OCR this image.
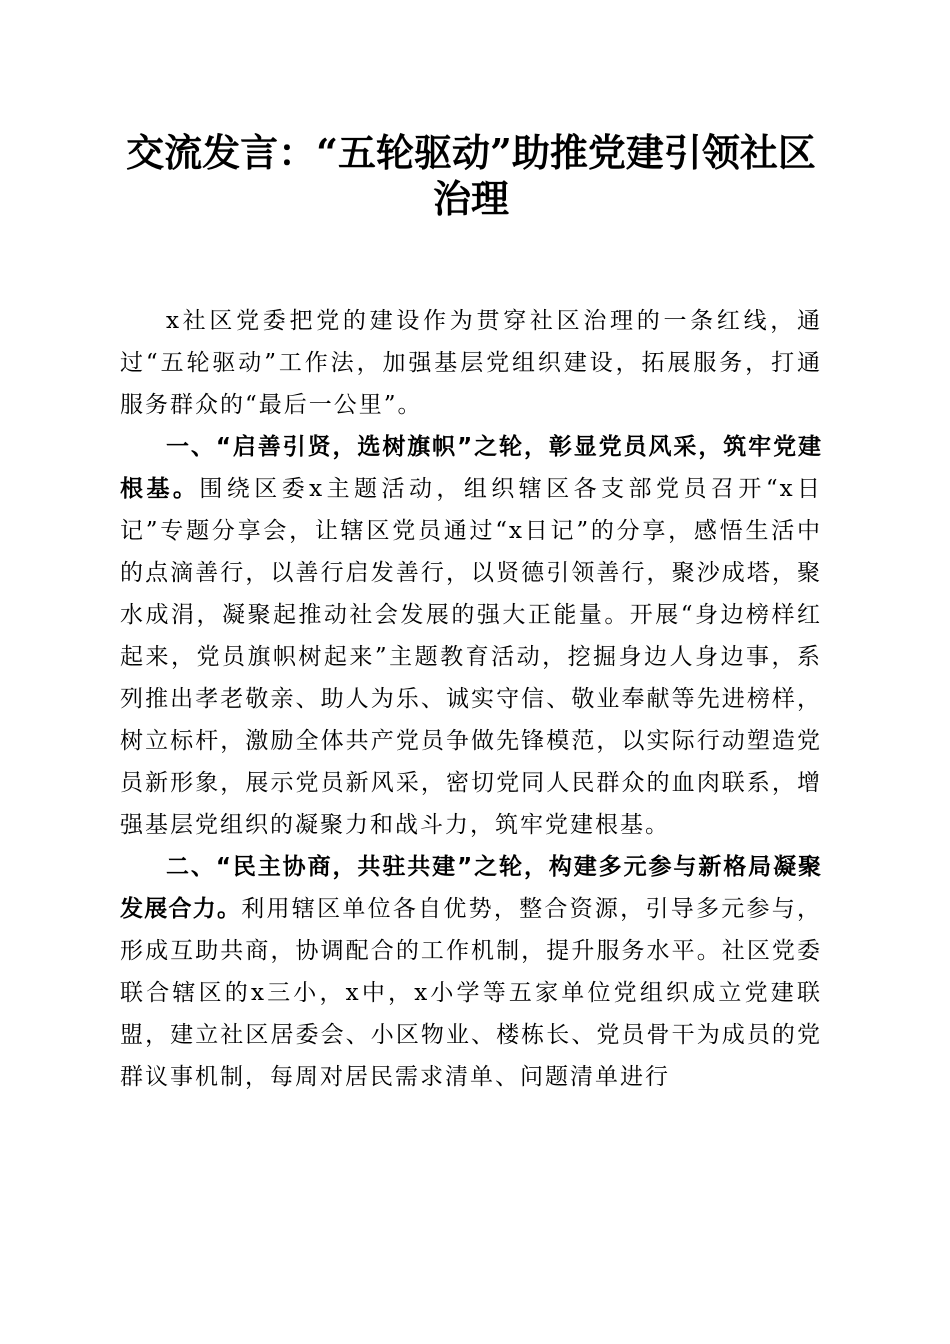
交流发言：“五轮驱动”助推党建引领社区治理

x社区党委把党的建设作为贯穿社区治理的一条红线，通过“五轮驱动”工作法，加强基层党组织建设，拓展服务，打通服务群众的“最后一公里”。

一、“启善引贤，选树旗帜”之轮，彰显党员风采，筑牢党建根基。围绕区委x主题活动，组织辖区各支部党员召开“x日记”专题分享会，让辖区党员通过“x日记”的分享，感悟生活中的点滴善行，以善行启发善行，以贤德引领善行，聚沙成塔，聚水成涓，凝聚起推动社会发展的强大正能量。开展“身边榜样红起来，党员旗帜树起来”主题教育活动，挖掘身边人身边事，系列推出孝老敬亲、助人为乐、诚实守信、敬业奉献等先进榜样，树立标杆，激励全体共产党员争做先锋模范，以实际行动塑造党员新形象，展示党员新风采，密切党同人民群众的血肉联系，增强基层党组织的凝聚力和战斗力，筑牢党建根基。

二、“民主协商，共驻共建”之轮，构建多元参与新格局凝聚发展合力。利用辖区单位各自优势，整合资源，引导多元参与，形成互助共商，协调配合的工作机制，提升服务水平。社区党委联合辖区的x三小，x中，x小学等五家单位党组织成立党建联盟，建立社区居委会、小区物业、楼栋长、党员骨干为成员的党群议事机制，每周对居民需求清单、问题清单进行
